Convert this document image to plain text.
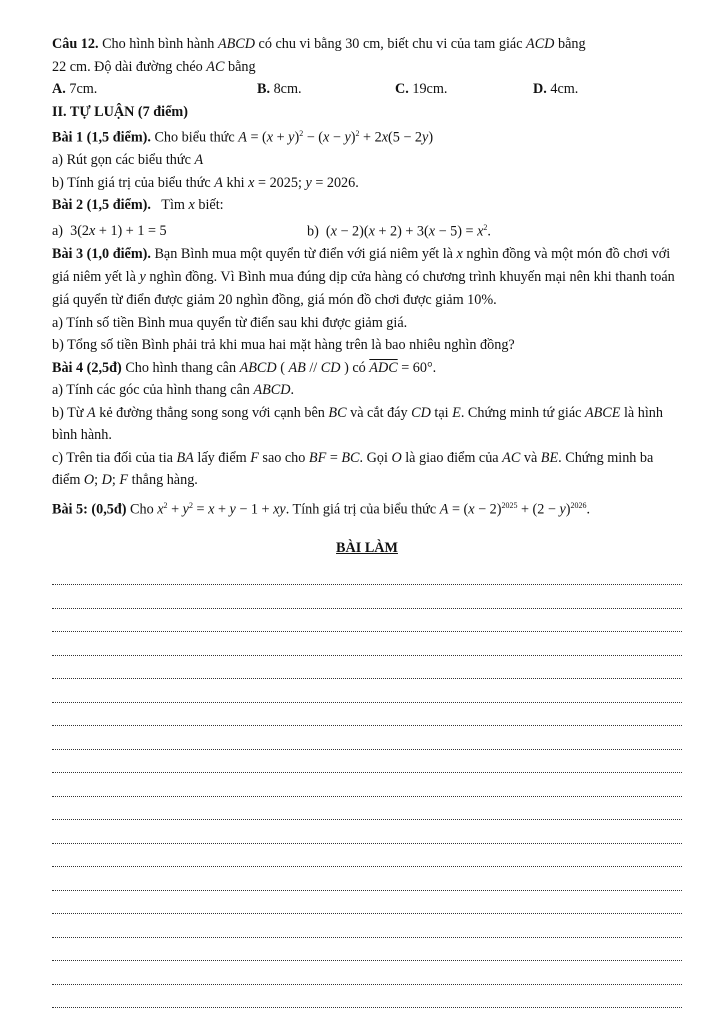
Câu 12. Cho hình bình hành ABCD có chu vi bằng 30 cm, biết chu vi của tam giác ACD bằng
22 cm. Độ dài đường chéo AC bằng
A. 7cm.	B. 8cm.	C. 19cm.	D. 4cm.
II. TỰ LUẬN (7 điểm)
Bài 1 (1,5 điểm). Cho biểu thức $A = (x + y)^2 - (x - y)^2 + 2x(5 - 2y)$
a) Rút gọn các biểu thức A
b) Tính giá trị của biểu thức A khi x = 2025; y = 2026.
Bài 2 (1,5 điểm).   Tìm x biết:
a)  3(2x + 1) + 1 = 5	b)  $(x - 2)(x + 2) + 3(x - 5) = x^2$.
Bài 3 (1,0 điểm). Bạn Bình mua một quyển từ điển với giá niêm yết là x nghìn đồng và một món đồ chơi với giá niêm yết là y nghìn đồng. Vì Bình mua đúng dịp cửa hàng có chương trình khuyến mại nên khi thanh toán giá quyển từ điển được giảm 20 nghìn đồng, giá món đồ chơi được giảm 10%.
a) Tính số tiền Bình mua quyển từ điển sau khi được giảm giá.
b) Tổng số tiền Bình phải trả khi mua hai mặt hàng trên là bao nhiêu nghìn đồng?
Bài 4 (2,5đ) Cho hình thang cân ABCD ( AB // CD ) có $\overline{ADC} = 60^\circ$.
a) Tính các góc của hình thang cân ABCD.
b) Từ A kẻ đường thẳng song song với cạnh bên BC và cắt đáy CD tại E. Chứng minh tứ giác ABCE là hình bình hành.
c) Trên tia đối của tia BA lấy điểm F sao cho BF = BC. Gọi O là giao điểm của AC và BE. Chứng minh ba điểm O; D; F thẳng hàng.
Bài 5: (0,5đ) Cho $x^2 + y^2 = x + y - 1$ + xy. Tính giá trị của biểu thức $A = (x - 2)^{2025} + (2 - y)^{2026}$.
BÀI LÀM
